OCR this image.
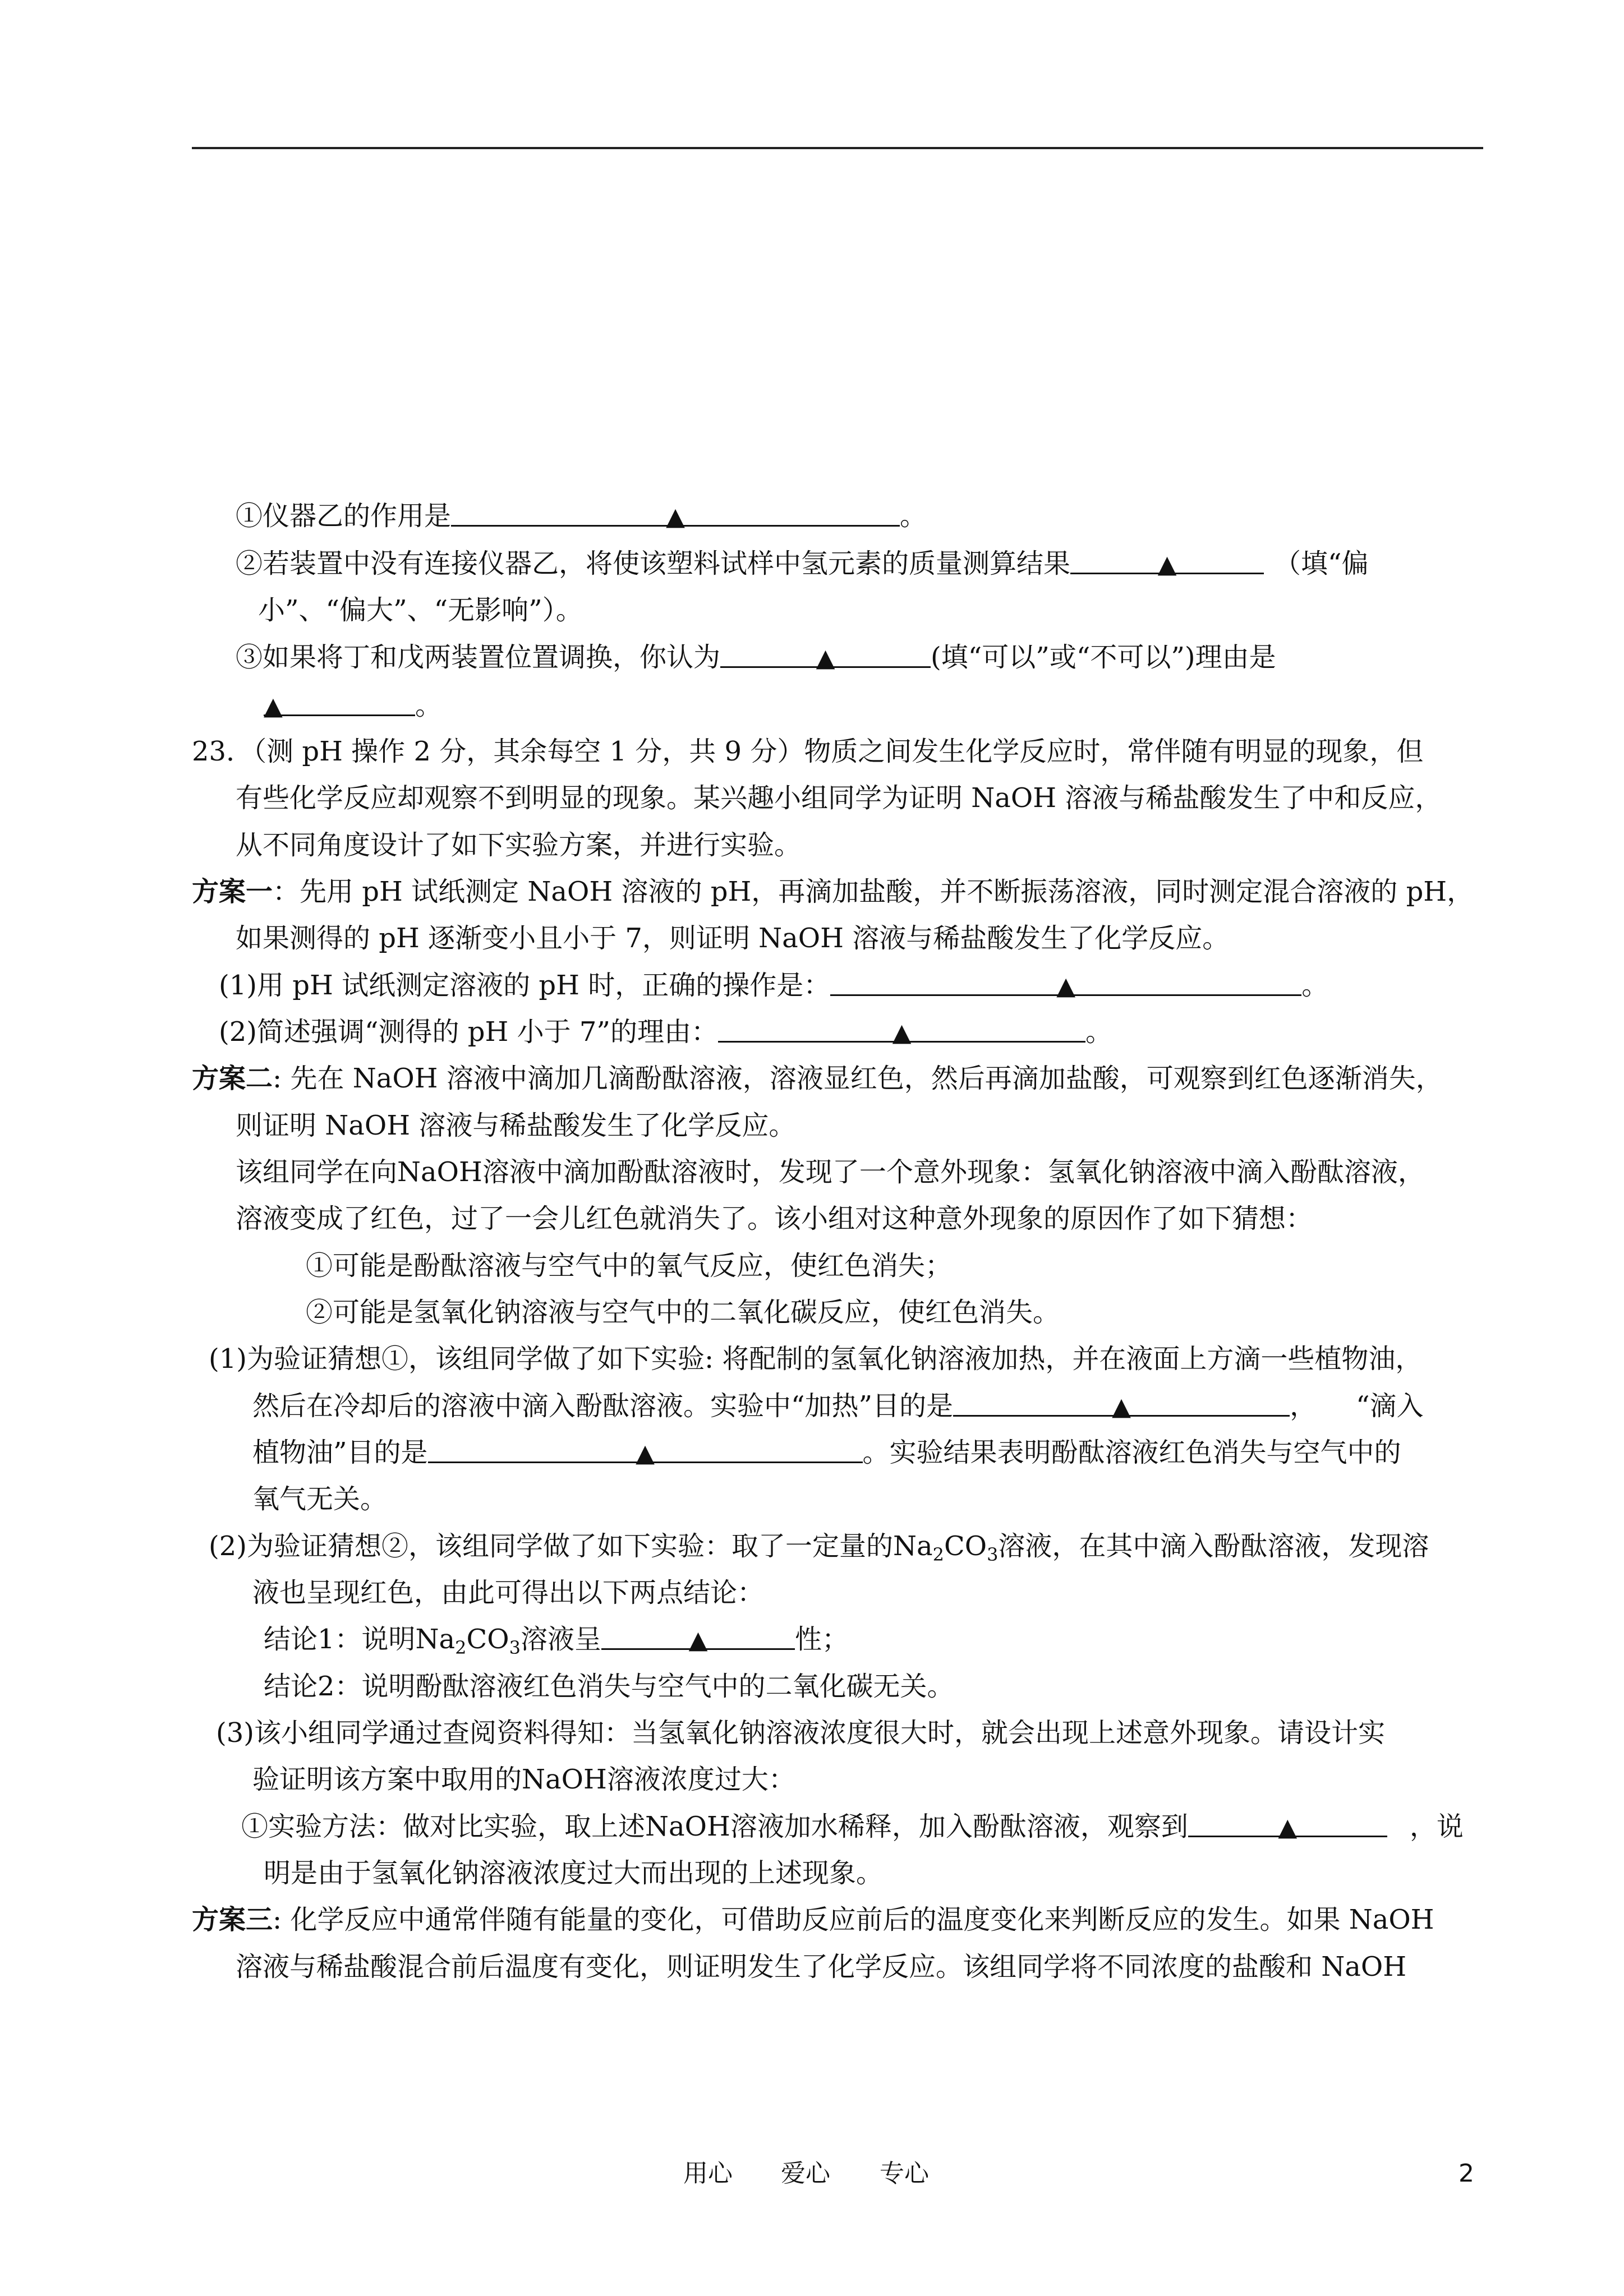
①仪器乙的作用是	▲	。
②若装置中没有连接仪器乙，将使该塑料试样中氢元素的质量测算结果	▲	（填“偏
小”、“偏大”、“无影响”）。
③如果将丁和戊两装置位置调换，你认为	▲	(填“可以”或“不可以”)理由是
▲	。
23．（测 pH 操作 2 分，其余每空 1 分，共 9 分）物质之间发生化学反应时，常伴随有明显的现象，但
有些化学反应却观察不到明显的现象。某兴趣小组同学为证明 NaOH 溶液与稀盐酸发生了中和反应，
从不同角度设计了如下实验方案，并进行实验。
方案一：先用 pH 试纸测定 NaOH 溶液的 pH，再滴加盐酸，并不断振荡溶液，同时测定混合溶液的 pH，
如果测得的 pH 逐渐变小且小于 7，则证明 NaOH 溶液与稀盐酸发生了化学反应。
(1)用 pH 试纸测定溶液的 pH 时，正确的操作是：	▲	。
(2)简述强调“测得的 pH 小于 7”的理由：	▲	。
方案二: 先在 NaOH 溶液中滴加几滴酚酞溶液，溶液显红色，然后再滴加盐酸，可观察到红色逐渐消失，
则证明 NaOH 溶液与稀盐酸发生了化学反应。
该组同学在向NaOH溶液中滴加酚酞溶液时，发现了一个意外现象：氢氧化钠溶液中滴入酚酞溶液，
溶液变成了红色，过了一会儿红色就消失了。该小组对这种意外现象的原因作了如下猜想：
①可能是酚酞溶液与空气中的氧气反应，使红色消失；
②可能是氢氧化钠溶液与空气中的二氧化碳反应，使红色消失。
(1)为验证猜想①，该组同学做了如下实验: 将配制的氢氧化钠溶液加热，并在液面上方滴一些植物油，
然后在冷却后的溶液中滴入酚酞溶液。实验中“加热”目的是	▲	， “滴入
植物油”目的是	▲	。实验结果表明酚酞溶液红色消失与空气中的
氧气无关。
(2)为验证猜想②，该组同学做了如下实验：取了一定量的$Na_2CO_3$溶液，在其中滴入酚酞溶液，发现溶
液也呈现红色，由此可得出以下两点结论：
结论1：说明$Na_2CO_3$溶液呈	▲	性；
结论2：说明酚酞溶液红色消失与空气中的二氧化碳无关。
(3)该小组同学通过查阅资料得知：当氢氧化钠溶液浓度很大时，就会出现上述意外现象。请设计实
验证明该方案中取用的NaOH溶液浓度过大：
①实验方法：做对比实验，取上述NaOH溶液加水稀释，加入酚酞溶液，观察到	▲	，说
明是由于氢氧化钠溶液浓度过大而出现的上述现象。
方案三: 化学反应中通常伴随有能量的变化，可借助反应前后的温度变化来判断反应的发生。如果 NaOH
溶液与稀盐酸混合前后温度有变化，则证明发生了化学反应。该组同学将不同浓度的盐酸和 NaOH
用心 爱心 专心	2
